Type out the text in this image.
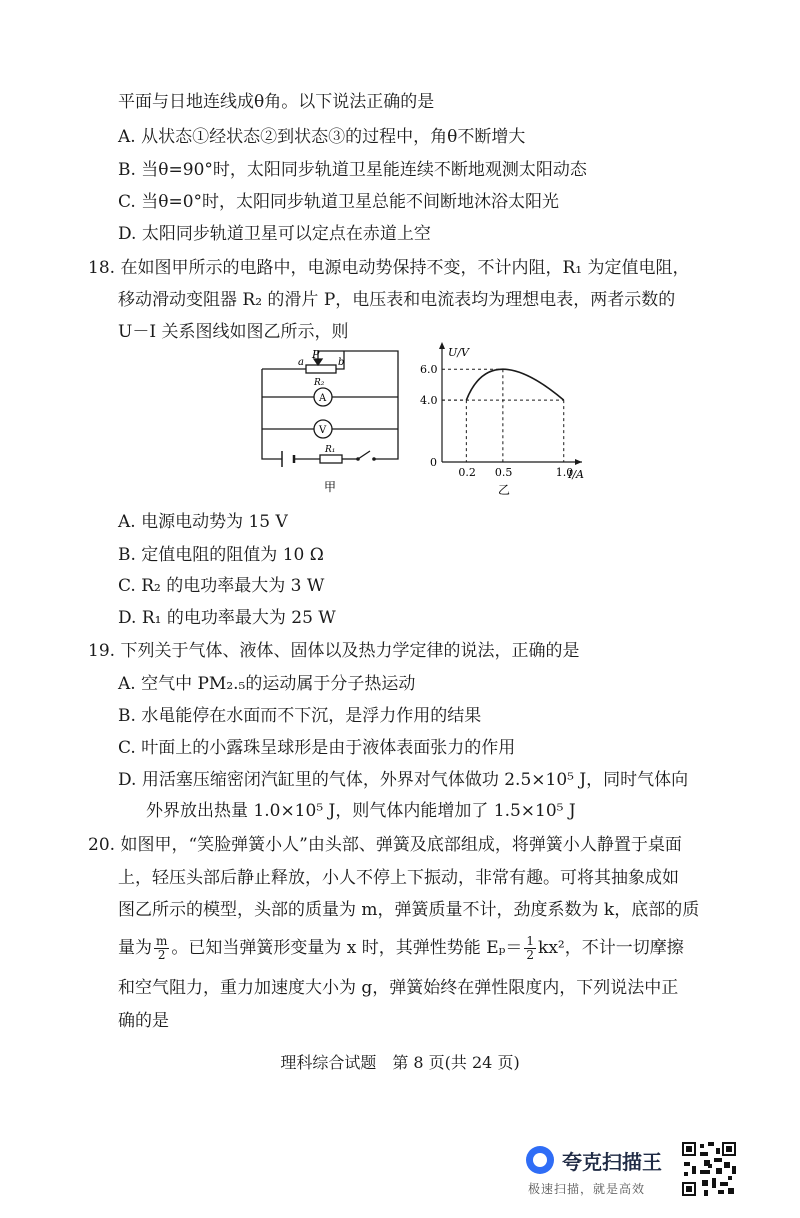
平面与日地连线成θ角。以下说法正确的是
A. 从状态①经状态②到状态③的过程中，角θ不断增大
B. 当θ=90°时，太阳同步轨道卫星能连续不断地观测太阳动态
C. 当θ=0°时，太阳同步轨道卫星总能不间断地沐浴太阳光
D. 太阳同步轨道卫星可以定点在赤道上空
18. 在如图甲所示的电路中，电源电动势保持不变，不计内阻，R₁ 为定值电阻，
移动滑动变阻器 R₂ 的滑片 P，电压表和电流表均为理想电表，两者示数的
U－I 关系图线如图乙所示，则
P
a	b
R₂
A
V
R₁
甲
6.0
4.0
0.2 0.5	1.0
U/V
I/A
0
乙
A. 电源电动势为 15 V
B. 定值电阻的阻值为 10 Ω
C. R₂ 的电功率最大为 3 W
D. R₁ 的电功率最大为 25 W
19. 下列关于气体、液体、固体以及热力学定律的说法，正确的是
A. 空气中 PM₂.₅的运动属于分子热运动
B. 水黾能停在水面而不下沉，是浮力作用的结果
C. 叶面上的小露珠呈球形是由于液体表面张力的作用
D. 用活塞压缩密闭汽缸里的气体，外界对气体做功 2.5×10⁵ J，同时气体向
外界放出热量 1.0×10⁵ J，则气体内能增加了 1.5×10⁵ J
20. 如图甲，“笑脸弹簧小人”由头部、弹簧及底部组成，将弹簧小人静置于桌面
上，轻压头部后静止释放，小人不停上下振动，非常有趣。可将其抽象成如
图乙所示的模型，头部的质量为 m，弹簧质量不计，劲度系数为 k，底部的质
量为 $\frac{m}{2}$ 。已知当弹簧形变量为 x 时，其弹性势能 $E_p= \frac{1}{2} kx^2$，不计一切摩擦
和空气阻力，重力加速度大小为 g，弹簧始终在弹性限度内，下列说法中正
确的是
理科综合试题　第 8 页(共 24 页)
夸克扫描王
极速扫描，就是高效
